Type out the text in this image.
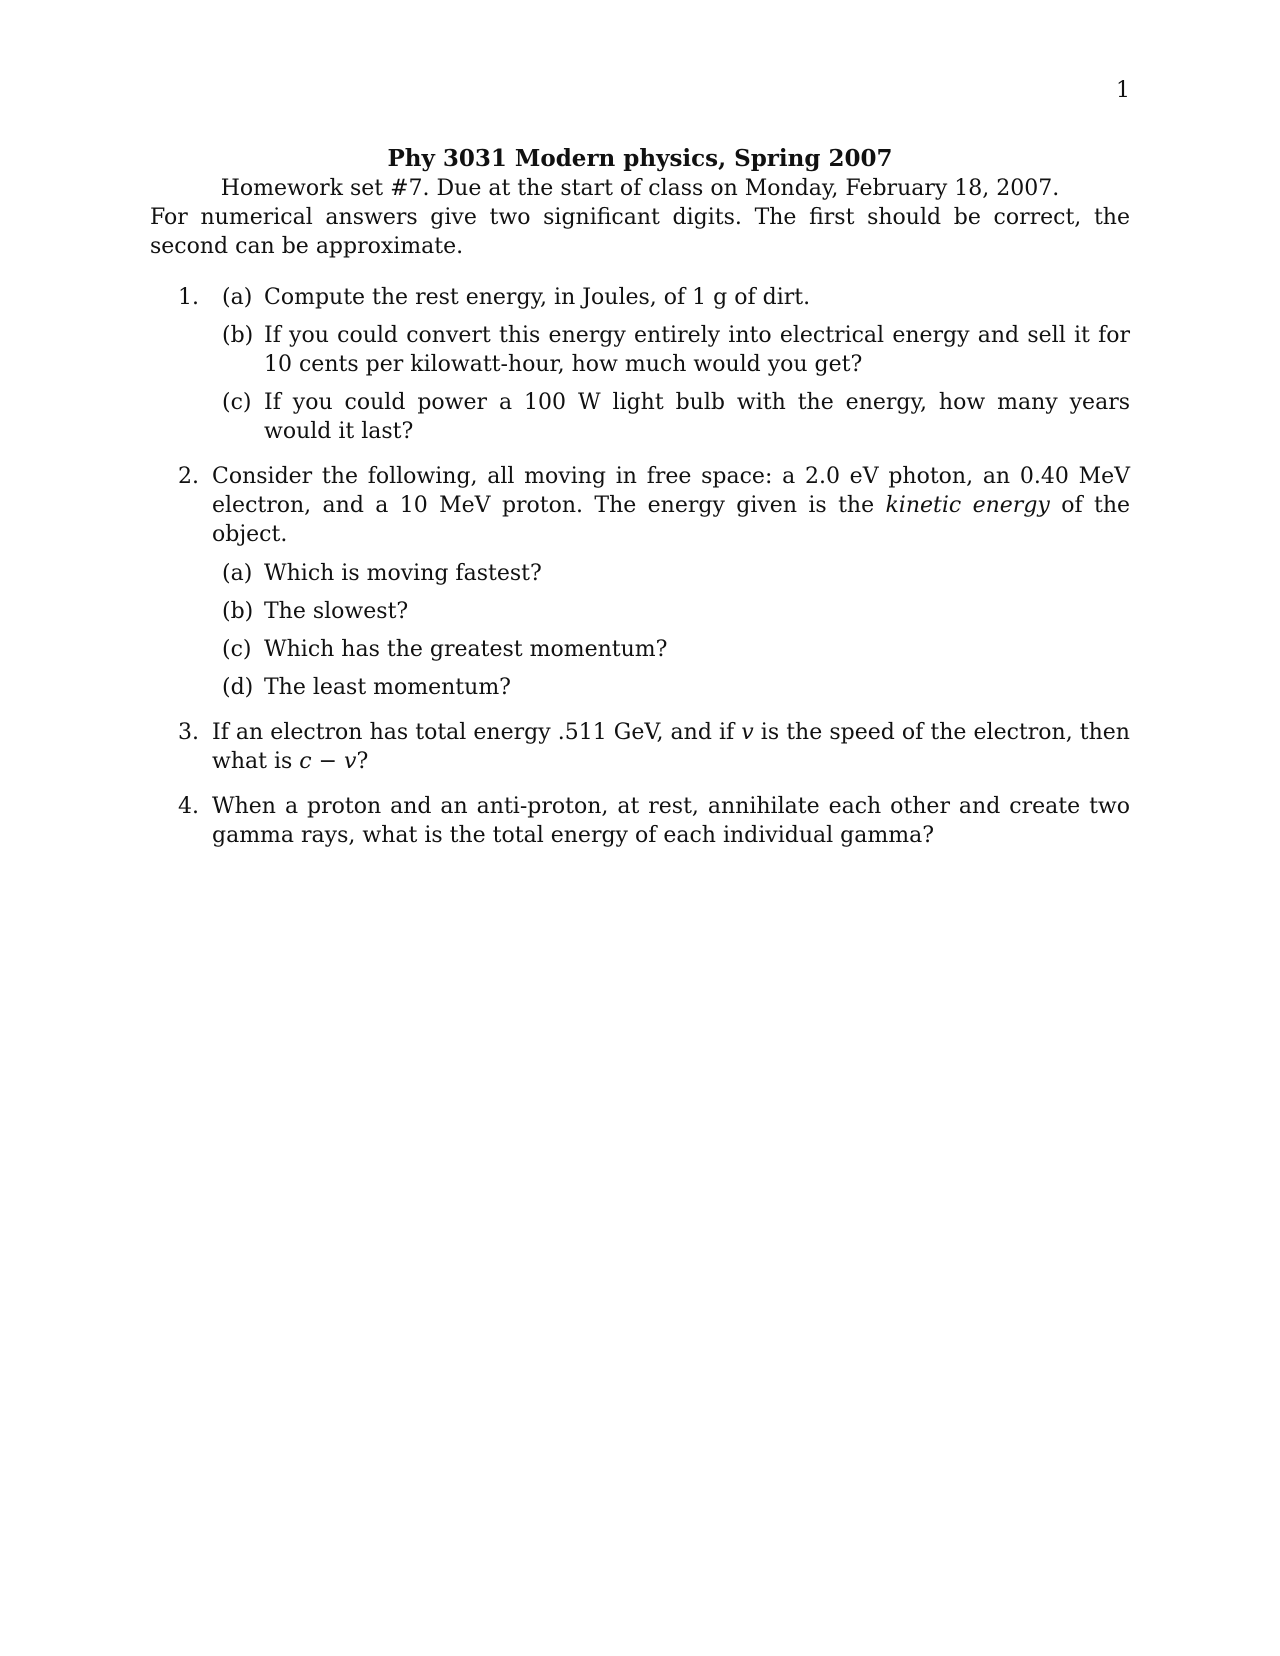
1
Phy 3031 Modern physics, Spring 2007
Homework set #7. Due at the start of class on Monday, February 18, 2007.

For numerical answers give two significant digits. The first should be correct, the second can be approximate.

1. (a) Compute the rest energy, in Joules, of 1 g of dirt.
(b) If you could convert this energy entirely into electrical energy and sell it for 10 cents per kilowatt-hour, how much would you get?
(c) If you could power a 100 W light bulb with the energy, how many years would it last?
2. Consider the following, all moving in free space: a 2.0 eV photon, an 0.40 MeV electron, and a 10 MeV proton. The energy given is the kinetic energy of the object.
(a) Which is moving fastest?
(b) The slowest?
(c) Which has the greatest momentum?
(d) The least momentum?
3. If an electron has total energy .511 GeV, and if v is the speed of the electron, then what is c − v?
4. When a proton and an anti-proton, at rest, annihilate each other and create two gamma rays, what is the total energy of each individual gamma?
